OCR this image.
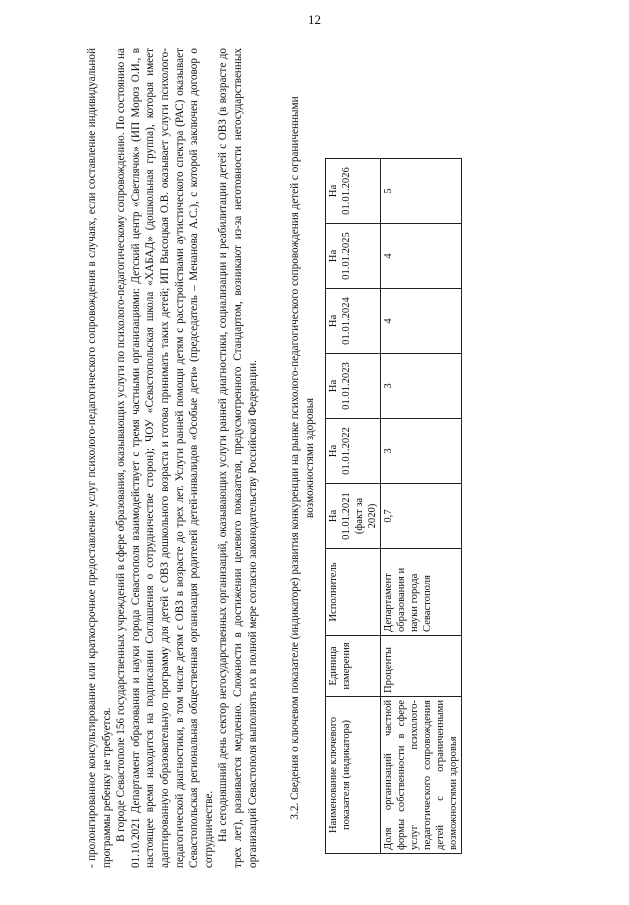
12

- пролонгированное консультирование или краткосрочное предоставление услуг психолого-педагогического сопровождения в случаях, если составление индивидуальной программы ребенку не требуется. В городе Севастополе 156 государственных учреждений в сфере образования, оказывающих услуги по психолого-педагогическому сопровождению. По состоянию на 01.10.2021 Департамент образования и науки города Севастополя взаимодействует с тремя частными организациями: Детский центр «Светлячок» (ИП Мороз О.И., в настоящее время находится на подписании Соглашения о сотрудничестве сторон); ЧОУ «Севастопольская школа «ХАБАД» (дошкольная группа), которая имеет адаптированную образовательную программу для детей с ОВЗ дошкольного возраста и готова принимать таких детей; ИП Высоцкая О.В. оказывает услуги психолого-педагогической диагностики, в том числе детям с ОВЗ в возрасте до трех лет. Услуги ранней помощи детям с расстройствами аутистического спектра (РАС) оказывает Севастопольская региональная общественная организация родителей детей-инвалидов «Особые дети» (председатель – Менанова А.С.), с которой заключен договор о сотрудничестве. На сегодняшний день сектор негосударственных организаций, оказывающих услуги ранней диагностики, социализации и реабилитации детей с ОВЗ (в возрасте до трех лет), развивается медленно. Сложности в достижении целевого показателя, предусмотренного Стандартом, возникают из-за неготовности негосударственных организаций Севастополя выполнять их в полной мере согласно законодательству Российской Федерации.	3.2. Сведения о ключевом показателе (индикаторе) развития конкуренции на рынке психолого-педагогического сопровождения детей с ограниченными возможностями здоровья

Наименование ключевого показателя (индикатора)	Единица измерения	Исполнитель	На 01.01.2021 (факт за 2020)	На 01.01.2022	На 01.01.2023	На 01.01.2024	На 01.01.2025	На 01.01.2026
Доля организаций частной формы собственности в сфере услуг психолого-педагогического сопровождения детей с ограниченными возможностями здоровья	Проценты	Департамент образования и науки города Севастополя	0,7	3	3	4	4	5
